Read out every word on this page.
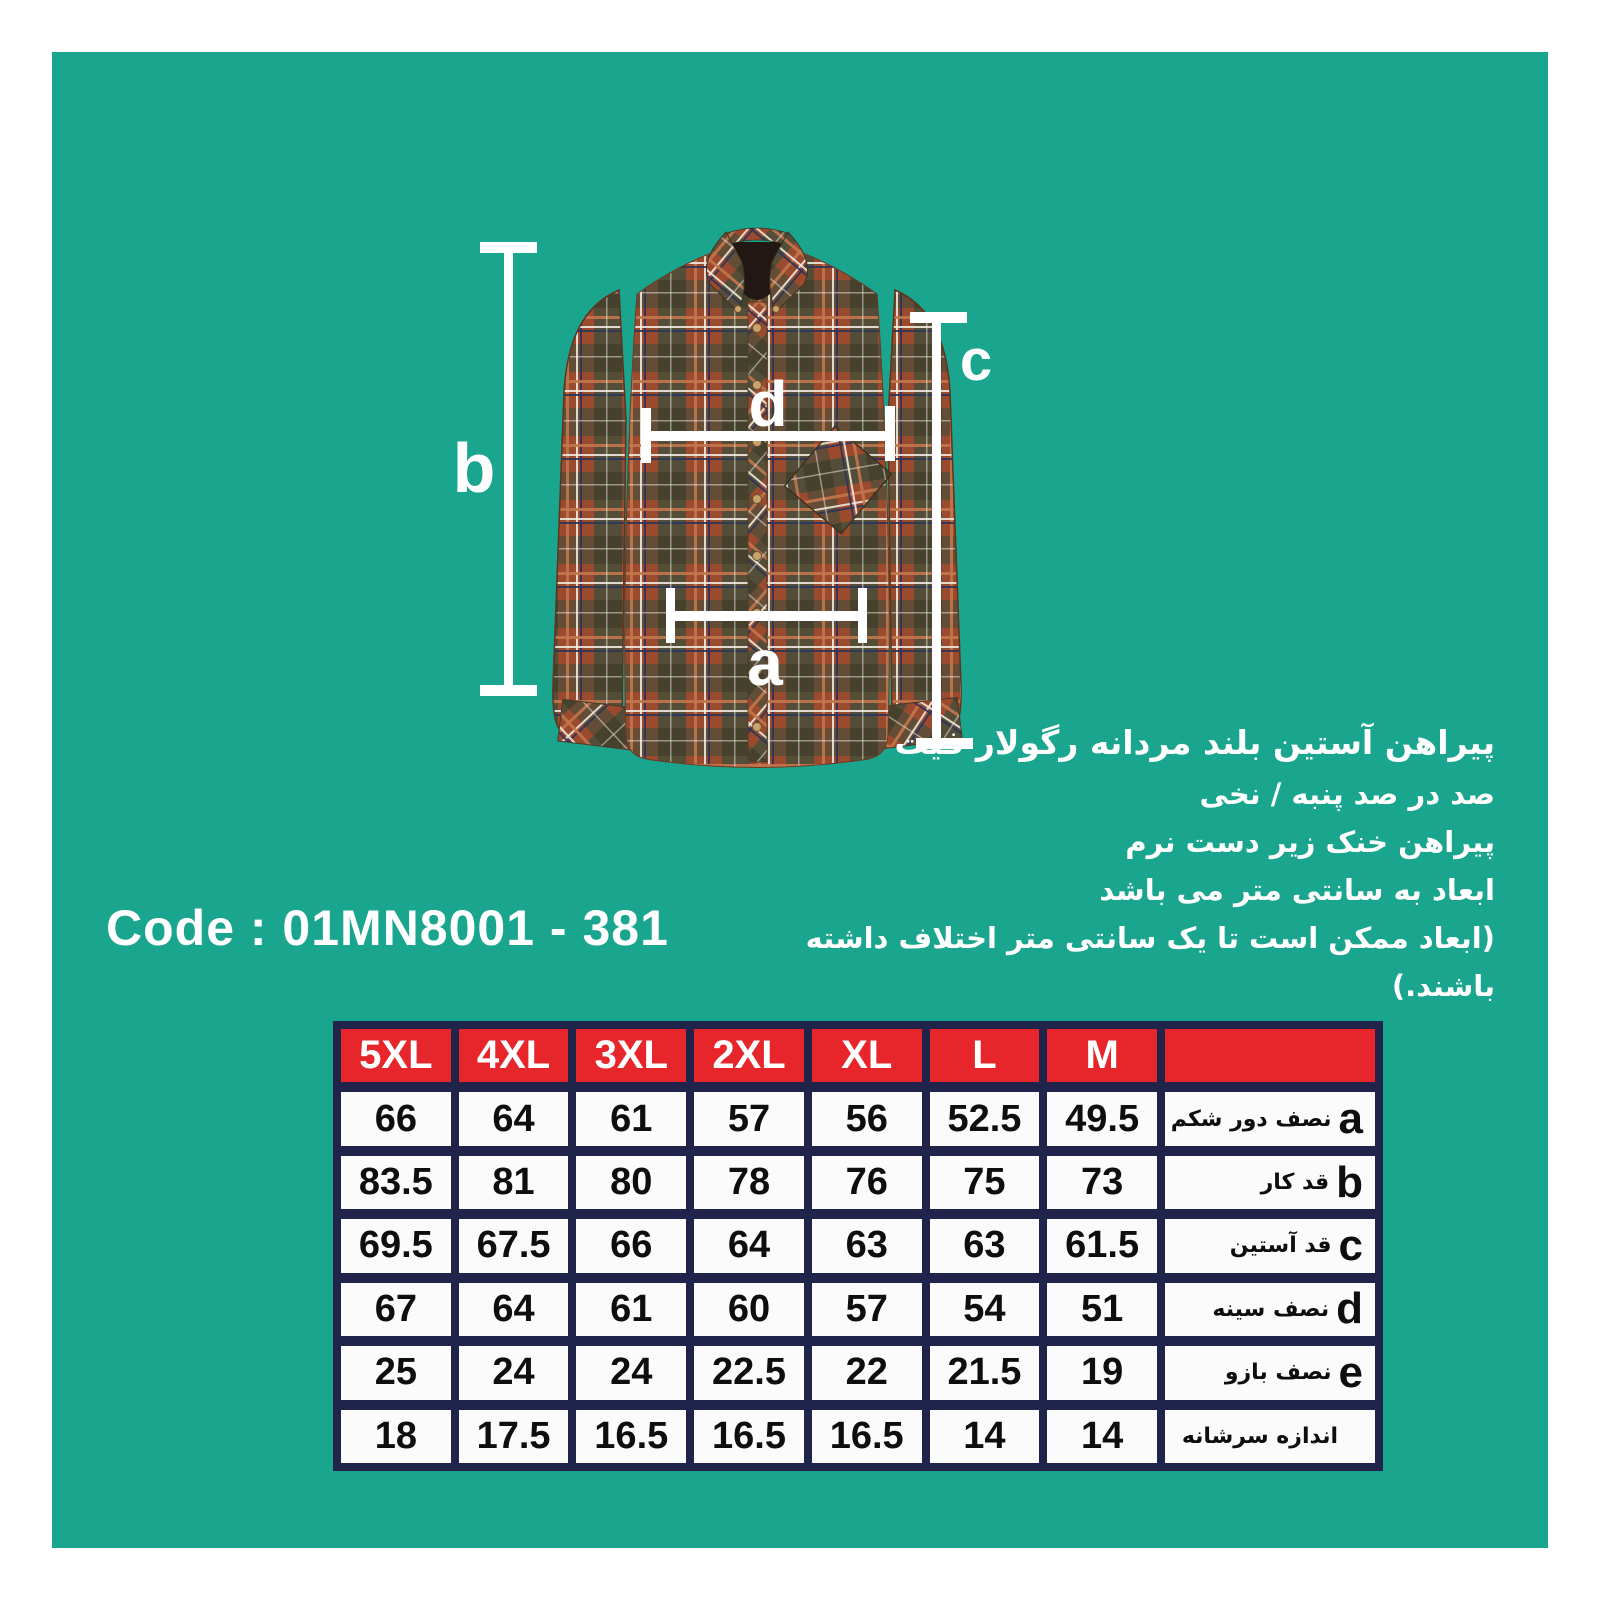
b
c
d
a
پیراهن آستین بلند مردانه رگولار فیت
صد در صد پنبه / نخی
پیراهن خنک زیر دست نرم
ابعاد به سانتی متر می باشد
(ابعاد ممکن است تا یک سانتی متر اختلاف داشته باشند.)
Code : 01MN8001 - 381
5XL	4XL	3XL	2XL	XL	L	M
66	64	61	57	56	52.5	49.5	نصف دور شکم a
83.5	81	80	78	76	75	73	قد کار b
69.5	67.5	66	64	63	63	61.5	قد آستین c
67	64	61	60	57	54	51	نصف سینه d
25	24	24	22.5	22	21.5	19	نصف بازو e
18	17.5	16.5	16.5	16.5	14	14	اندازه سرشانه
